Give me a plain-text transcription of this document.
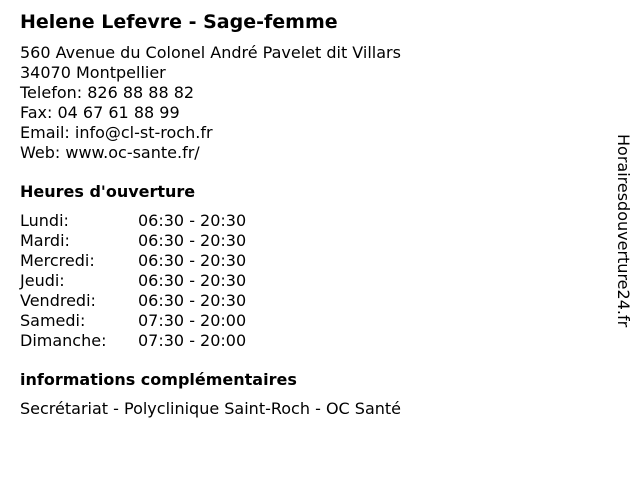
Helene Lefevre - Sage-femme
560 Avenue du Colonel André Pavelet dit Villars
34070 Montpellier
Telefon: 826 88 88 82
Fax: 04 67 61 88 99
Email: info@cl-st-roch.fr
Web: www.oc-sante.fr/
Heures d'ouverture
Lundi:	06:30 - 20:30
Mardi:	06:30 - 20:30
Mercredi:	06:30 - 20:30
Jeudi:	06:30 - 20:30
Vendredi:	06:30 - 20:30
Samedi:	07:30 - 20:00
Dimanche:	07:30 - 20:00
informations complémentaires
Secrétariat - Polyclinique Saint-Roch - OC Santé
Horairesdouverture24.fr
